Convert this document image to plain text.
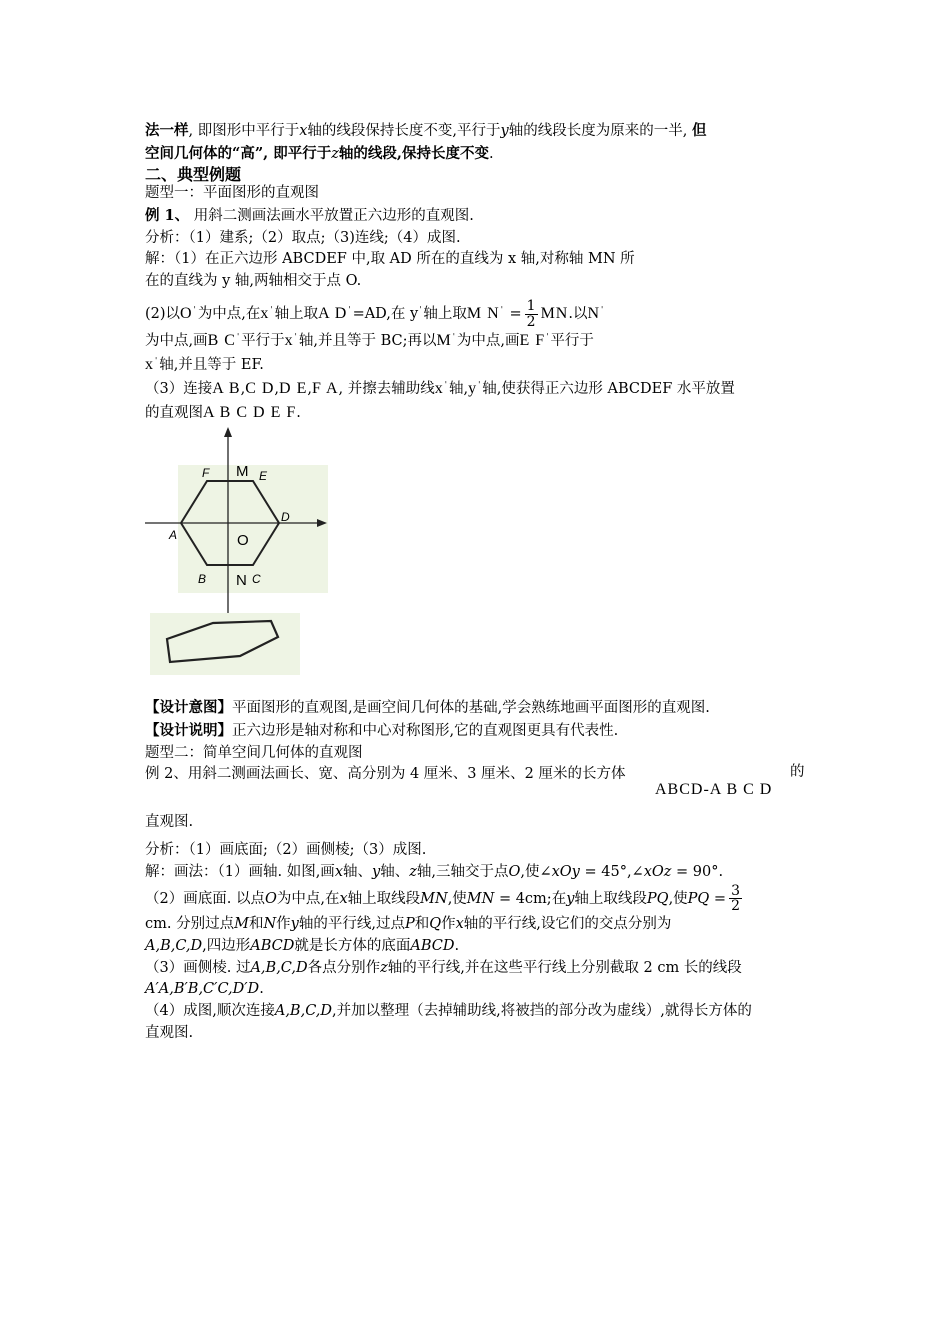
法一样, 即图形中平行于x轴的线段保持长度不变,平行于y轴的线段长度为原来的一半, 但
空间几何体的“高”, 即平行于z轴的线段,保持长度不变.

二、典型例题

题型一：平面图形的直观图

例 1、 用斜二测画法画水平放置正六边形的直观图.

分析：（1）建系;（2）取点;（3)连线;（4）成图.

解：（1）在正六边形 ABCDEF 中,取 AD 所在的直线为 x 轴,对称轴 MN 所
在的直线为 y 轴,两轴相交于点 O.

(2)以O' 为中点,在x' 轴上取A D' =AD,在 y' 轴上取M $N' = \frac{1}{2}$ MN.以N'
为中点,画B C' 平行于x' 轴,并且等于 BC;再以M' 为中点,画E F' 平行于
x' 轴,并且等于 EF.

（3）连接A B,C D,D E,F A, 并擦去辅助线x' 轴,y' 轴,使获得正六边形 ABCDEF 水平放置
的直观图A B C D E F.

【设计意图】平面图形的直观图,是画空间几何体的基础,学会熟练地画平面图形的直观图.

【设计说明】正六边形是轴对称和中心对称图形,它的直观图更具有代表性.

题型二：简单空间几何体的直观图

例 2、用斜二测画法画长、宽、高分别为 4 厘米、3 厘米、2 厘米的长方体
ABCD-A B C D
的

直观图.

分析：（1）画底面;（2）画侧棱;（3）成图.

解：画法：（1）画轴. 如图,画x轴、y轴、z轴,三轴交于点O,使∠xOy = 45°,∠xOz = 90°.

（2）画底面. 以点O为中点,在x轴上取线段MN,使MN = 4cm;在y轴上取线段PQ,使PQ = $\frac{3}{2}$

cm. 分别过点M和N作y轴的平行线,过点P和Q作x轴的平行线,设它们的交点分别为
A,B,C,D,四边形ABCD就是长方体的底面ABCD.

（3）画侧棱. 过A,B,C,D各点分别作z轴的平行线,并在这些平行线上分别截取 2 cm 长的线段
A′A,B′B,C′C,D′D.

（4）成图,顺次连接A,B,C,D,并加以整理（去掉辅助线,将被挡的部分改为虚线）,就得长方体的
直观图.

F M E
A
D
O
B N C
